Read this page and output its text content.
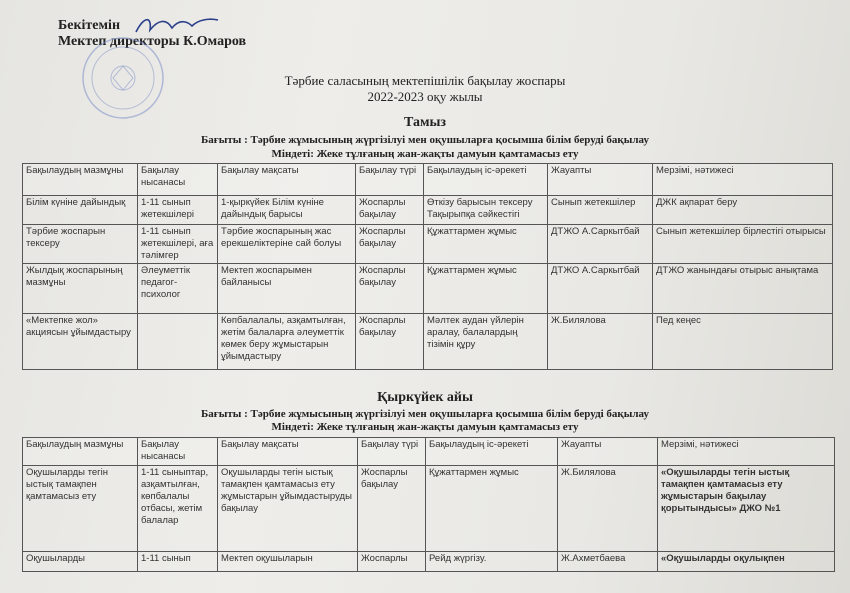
Бекітемін
Мектеп директоры К.Омаров
Тәрбие саласының мектепішілік бақылау жоспары
2022-2023 оқу жылы
Тамыз
Бағыты : Тәрбие жұмысының жүргізілуі мен оқушыларға қосымша білім беруді бақылау
Міндеті: Жеке тұлғаның жан-жақты дамуын қамтамасыз ету
Бақылаудың мазмұны	Бақылау нысанасы	Бақылау мақсаты	Бақылау түрі	Бақылаудың іс-әрекеті	Жауапты	Мерзімі, нәтижесі
Білім күніне дайындық	1-11 сынып жетекшілері	1-қыркүйек Білім күніне дайындық барысы	Жоспарлы бақылау	Өткізу барысын тексеру Тақырыпқа сәйкестігі	Сынып жетекшілер	ДЖК ақпарат беру
Тәрбие жоспарын тексеру	1-11 сынып жетекшілері, аға тәлімгер	Тәрбие жоспарының жас ерекшеліктеріне сай болуы	Жоспарлы бақылау	Құжаттармен жұмыс	ДТЖО А.Саркытбай	Сынып жетекшілер бірлестігі отырысы
Жылдық жоспарының мазмұны	Әлеуметтік педагог-психолог	Мектеп жоспарымен байланысы	Жоспарлы бақылау	Құжаттармен жұмыс	ДТЖО А.Саркытбай	ДТЖО жанындағы отырыс анықтама
«Мектепке жол» акциясын ұйымдастыру		Көпбалалалы, азқамтылған, жетім балаларға әлеуметтік көмек беру жұмыстарын ұйымдастыру	Жоспарлы бақылау	Мәлтек аудан үйлерін аралау, балалардың тізімін құру	Ж.Билялова	Пед кеңес
Қыркүйек айы
Бағыты : Тәрбие жұмысының жүргізілуі мен оқушыларға қосымша білім беруді бақылау
Міндеті: Жеке тұлғаның жан-жақты дамуын қамтамасыз ету
Бақылаудың мазмұны	Бақылау нысанасы	Бақылау мақсаты	Бақылау түрі	Бақылаудың іс-әрекеті	Жауапты	Мерзімі, нәтижесі
Оқушыларды тегін ыстық тамақпен қамтамасыз ету	1-11 сыныптар, азқамтылған, көпбалалы отбасы, жетім балалар	Оқушыларды тегін ыстық тамақпен қамтамасыз ету жұмыстарын ұйымдастыруды бақылау	Жоспарлы бақылау	Құжаттармен жұмыс	Ж.Билялова	«Оқушыларды тегін ыстық тамақпен қамтамасыз ету жұмыстарын бақылау қорытындысы» ДЖО №1
Оқушыларды	1-11 сынып	Мектеп оқушыларын	Жоспарлы	Рейд жүргізу.	Ж.Ахметбаева	«Оқушыларды оқулықпен
